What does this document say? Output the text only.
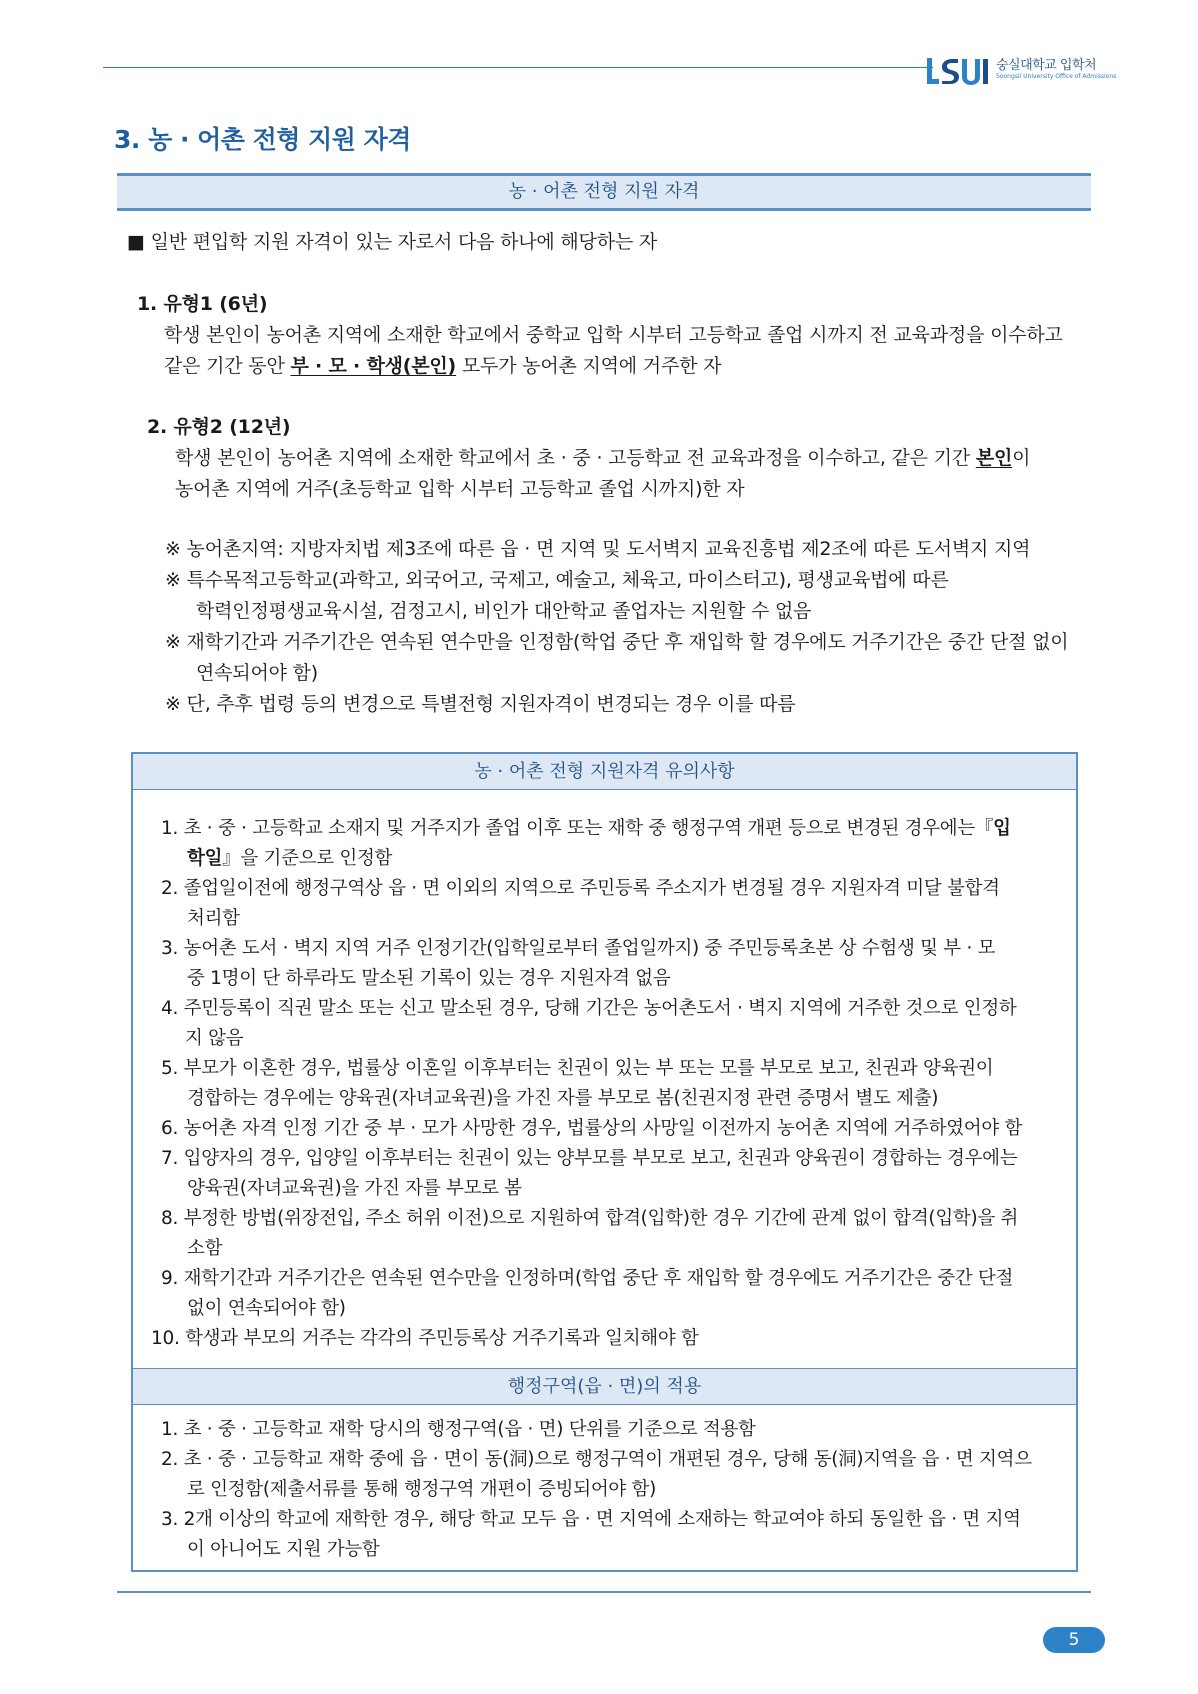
숭실대학교 입학처
Soongsil University Office of Admissions
3. 농 · 어촌 전형 지원 자격
농 · 어촌 전형 지원 자격
■ 일반 편입학 지원 자격이 있는 자로서 다음 하나에 해당하는 자
1. 유형1 (6년)
학생 본인이 농어촌 지역에 소재한 학교에서 중학교 입학 시부터 고등학교 졸업 시까지 전 교육과정을 이수하고
같은 기간 동안 부 · 모 · 학생(본인) 모두가 농어촌 지역에 거주한 자
2. 유형2 (12년)
학생 본인이 농어촌 지역에 소재한 학교에서 초 · 중 · 고등학교 전 교육과정을 이수하고, 같은 기간 본인이
농어촌 지역에 거주(초등학교 입학 시부터 고등학교 졸업 시까지)한 자
※ 농어촌지역: 지방자치법 제3조에 따른 읍 · 면 지역 및 도서벽지 교육진흥법 제2조에 따른 도서벽지 지역
※ 특수목적고등학교(과학고, 외국어고, 국제고, 예술고, 체육고, 마이스터고), 평생교육법에 따른
학력인정평생교육시설, 검정고시, 비인가 대안학교 졸업자는 지원할 수 없음
※ 재학기간과 거주기간은 연속된 연수만을 인정함(학업 중단 후 재입학 할 경우에도 거주기간은 중간 단절 없이
연속되어야 함)
※ 단, 추후 법령 등의 변경으로 특별전형 지원자격이 변경되는 경우 이를 따름
농 · 어촌 전형 지원자격 유의사항
1. 초 · 중 · 고등학교 소재지 및 거주지가 졸업 이후 또는 재학 중 행정구역 개편 등으로 변경된 경우에는『입
학일』을 기준으로 인정함
2. 졸업일이전에 행정구역상 읍 · 면 이외의 지역으로 주민등록 주소지가 변경될 경우 지원자격 미달 불합격
처리함
3. 농어촌 도서 · 벽지 지역 거주 인정기간(입학일로부터 졸업일까지) 중 주민등록초본 상 수험생 및 부 · 모
중 1명이 단 하루라도 말소된 기록이 있는 경우 지원자격 없음
4. 주민등록이 직권 말소 또는 신고 말소된 경우, 당해 기간은 농어촌도서 · 벽지 지역에 거주한 것으로 인정하
지 않음
5. 부모가 이혼한 경우, 법률상 이혼일 이후부터는 친권이 있는 부 또는 모를 부모로 보고, 친권과 양육권이
경합하는 경우에는 양육권(자녀교육권)을 가진 자를 부모로 봄(친권지정 관련 증명서 별도 제출)
6. 농어촌 자격 인정 기간 중 부 · 모가 사망한 경우, 법률상의 사망일 이전까지 농어촌 지역에 거주하였어야 함
7. 입양자의 경우, 입양일 이후부터는 친권이 있는 양부모를 부모로 보고, 친권과 양육권이 경합하는 경우에는
양육권(자녀교육권)을 가진 자를 부모로 봄
8. 부정한 방법(위장전입, 주소 허위 이전)으로 지원하여 합격(입학)한 경우 기간에 관계 없이 합격(입학)을 취
소함
9. 재학기간과 거주기간은 연속된 연수만을 인정하며(학업 중단 후 재입학 할 경우에도 거주기간은 중간 단절
없이 연속되어야 함)
10. 학생과 부모의 거주는 각각의 주민등록상 거주기록과 일치해야 함
행정구역(읍 · 면)의 적용
1. 초 · 중 · 고등학교 재학 당시의 행정구역(읍 · 면) 단위를 기준으로 적용함
2. 초 · 중 · 고등학교 재학 중에 읍 · 면이 동(洞)으로 행정구역이 개편된 경우, 당해 동(洞)지역을 읍 · 면 지역으
로 인정함(제출서류를 통해 행정구역 개편이 증빙되어야 함)
3. 2개 이상의 학교에 재학한 경우, 해당 학교 모두 읍 · 면 지역에 소재하는 학교여야 하되 동일한 읍 · 면 지역
이 아니어도 지원 가능함
5
